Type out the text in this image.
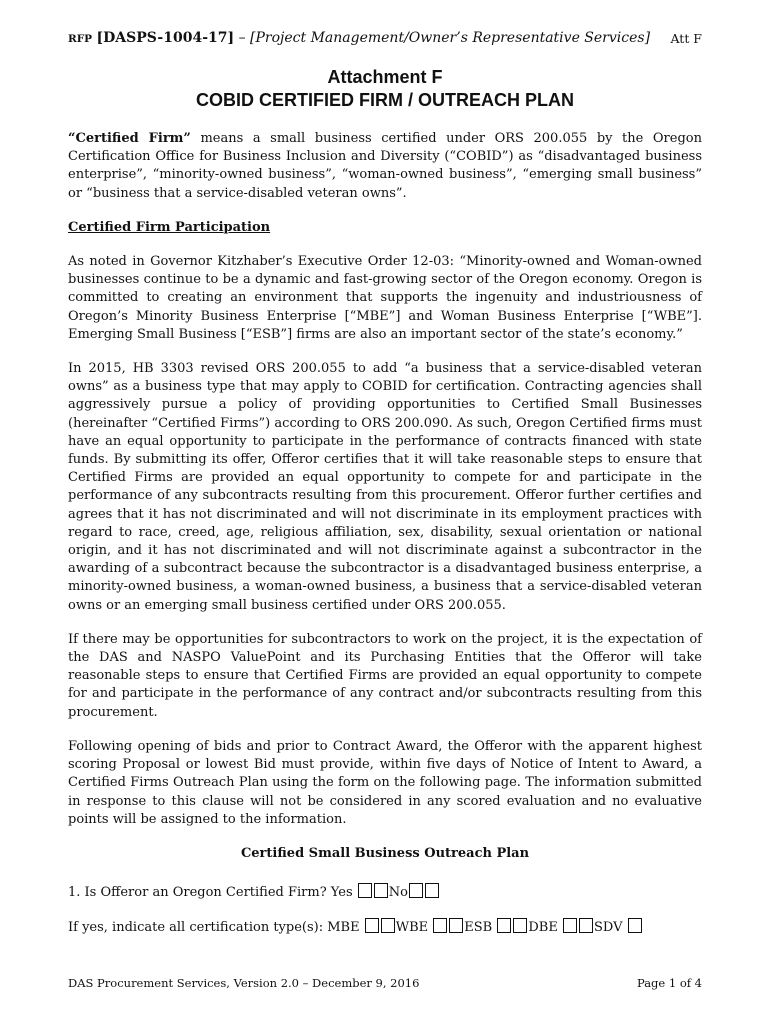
RFP [DASPS-1004-17] – [Project Management/Owner’s Representative Services] Att F
Attachment F
COBID CERTIFIED FIRM / OUTREACH PLAN

“Certified Firm” means a small business certified under ORS 200.055 by the Oregon Certification Office for Business Inclusion and Diversity (“COBID”) as “disadvantaged business enterprise”, “minority-owned business”, “woman-owned business”, “emerging small business” or “business that a service-disabled veteran owns”.

Certified Firm Participation

As noted in Governor Kitzhaber’s Executive Order 12-03: “Minority-owned and Woman-owned businesses continue to be a dynamic and fast-growing sector of the Oregon economy. Oregon is committed to creating an environment that supports the ingenuity and industriousness of Oregon’s Minority Business Enterprise [“MBE”] and Woman Business Enterprise [“WBE”]. Emerging Small Business [“ESB”] firms are also an important sector of the state’s economy.”

In 2015, HB 3303 revised ORS 200.055 to add “a business that a service-disabled veteran owns” as a business type that may apply to COBID for certification. Contracting agencies shall aggressively pursue a policy of providing opportunities to Certified Small Businesses (hereinafter “Certified Firms”) according to ORS 200.090. As such, Oregon Certified firms must have an equal opportunity to participate in the performance of contracts financed with state funds. By submitting its offer, Offeror certifies that it will take reasonable steps to ensure that Certified Firms are provided an equal opportunity to compete for and participate in the performance of any subcontracts resulting from this procurement. Offeror further certifies and agrees that it has not discriminated and will not discriminate in its employment practices with regard to race, creed, age, religious affiliation, sex, disability, sexual orientation or national origin, and it has not discriminated and will not discriminate against a subcontractor in the awarding of a subcontract because the subcontractor is a disadvantaged business enterprise, a minority-owned business, a woman-owned business, a business that a service-disabled veteran owns or an emerging small business certified under ORS 200.055.

If there may be opportunities for subcontractors to work on the project, it is the expectation of the DAS and NASPO ValuePoint and its Purchasing Entities that the Offeror will take reasonable steps to ensure that Certified Firms are provided an equal opportunity to compete for and participate in the performance of any contract and/or subcontracts resulting from this procurement.

Following opening of bids and prior to Contract Award, the Offeror with the apparent highest scoring Proposal or lowest Bid must provide, within five days of Notice of Intent to Award, a Certified Firms Outreach Plan using the form on the following page. The information submitted in response to this clause will not be considered in any scored evaluation and no evaluative points will be assigned to the information.

Certified Small Business Outreach Plan
1. Is Offeror an Oregon Certified Firm? Yes No
If yes, indicate all certification type(s): MBE WBE	ESB	DBE	SDV
DAS Procurement Services, Version 2.0 – December 9, 2016	Page 1 of 4
